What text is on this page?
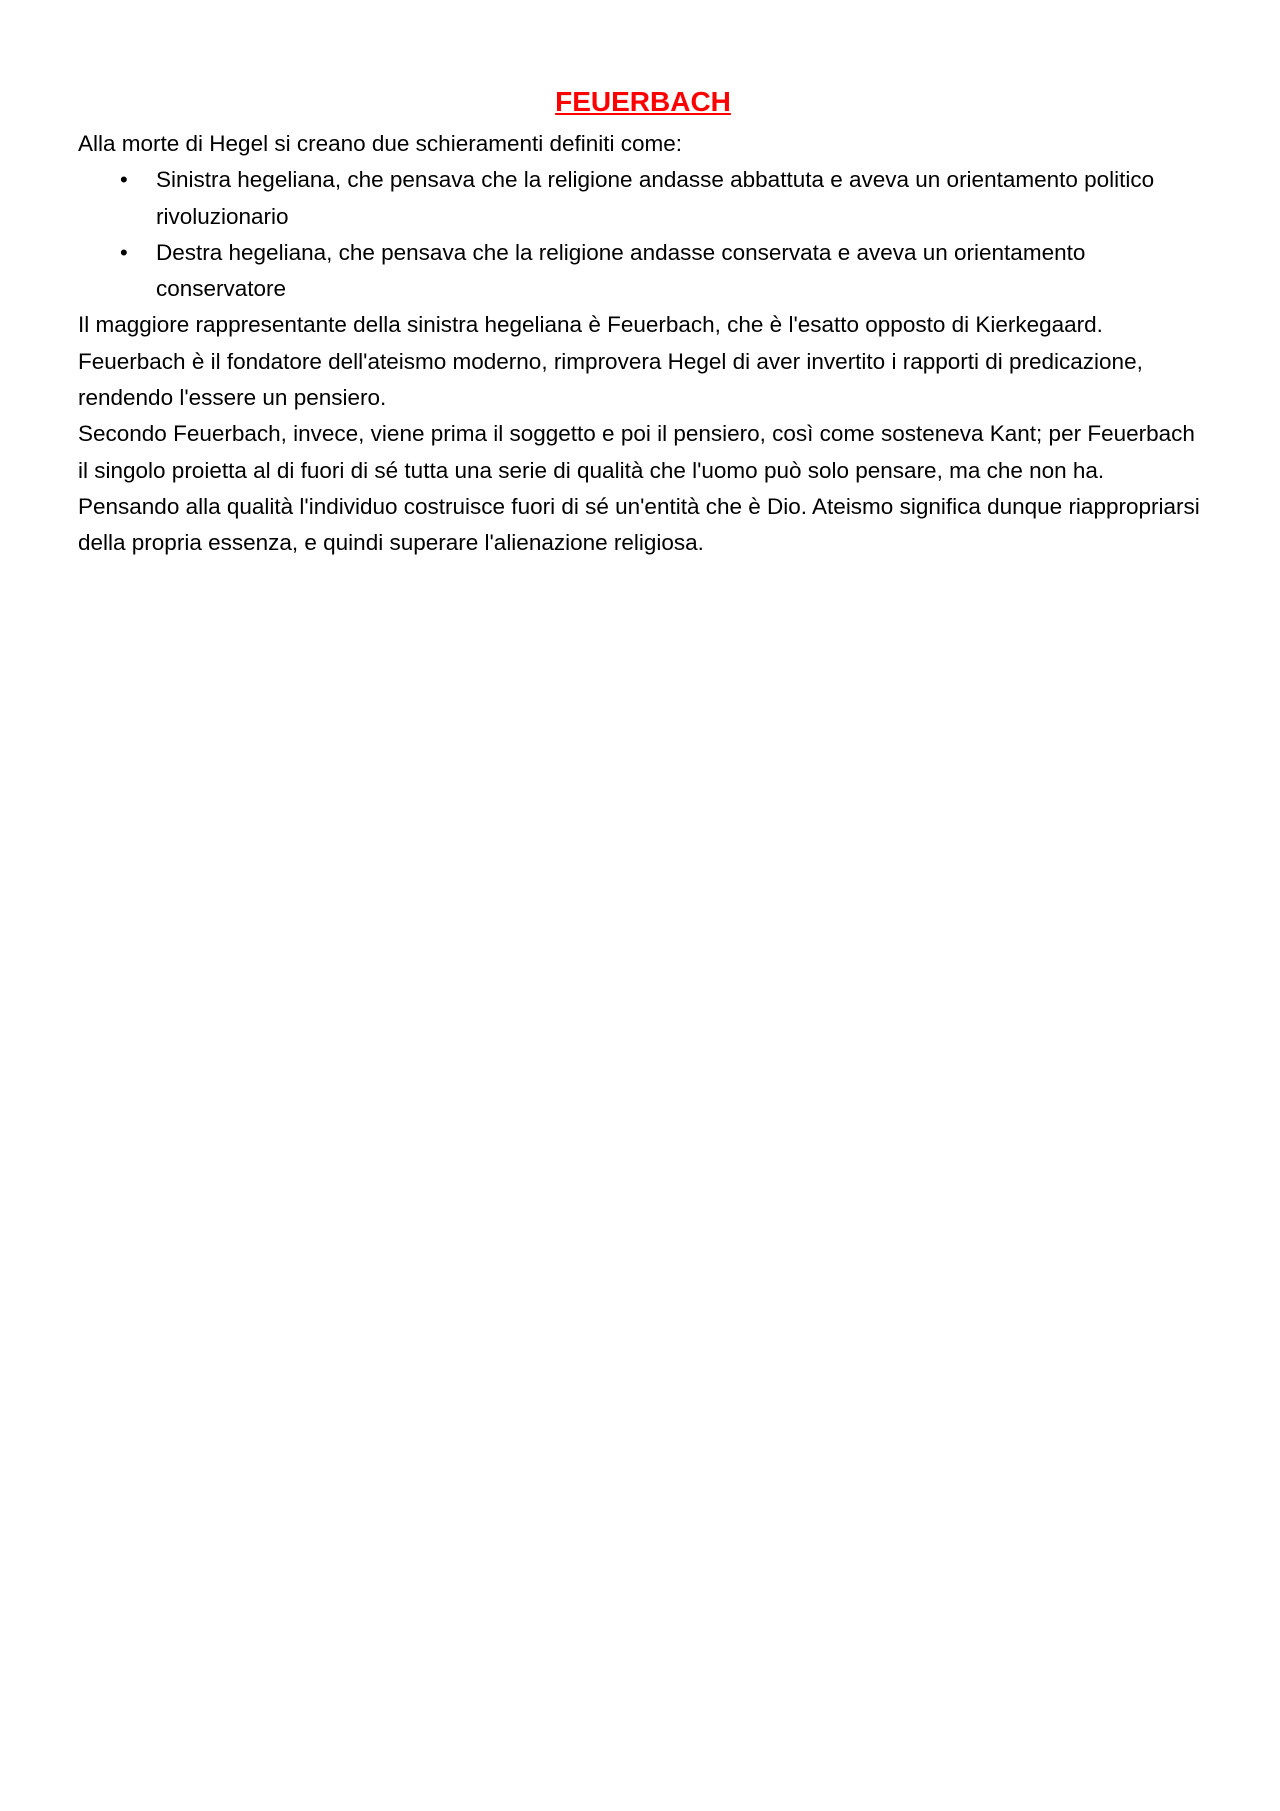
FEUERBACH

Alla morte di Hegel si creano due schieramenti definiti come:

• Sinistra hegeliana, che pensava che la religione andasse abbattuta e aveva un orientamento politico rivoluzionario
• Destra hegeliana, che pensava che la religione andasse conservata e aveva un orientamento conservatore

Il maggiore rappresentante della sinistra hegeliana è Feuerbach, che è l'esatto opposto di Kierkegaard. Feuerbach è il fondatore dell'ateismo moderno, rimprovera Hegel di aver invertito i rapporti di predicazione, rendendo l'essere un pensiero.

Secondo Feuerbach, invece, viene prima il soggetto e poi il pensiero, così come sosteneva Kant; per Feuerbach il singolo proietta al di fuori di sé tutta una serie di qualità che l'uomo può solo pensare, ma che non ha. Pensando alla qualità l'individuo costruisce fuori di sé un'entità che è Dio. Ateismo significa dunque riappropriarsi della propria essenza, e quindi superare l'alienazione religiosa.
